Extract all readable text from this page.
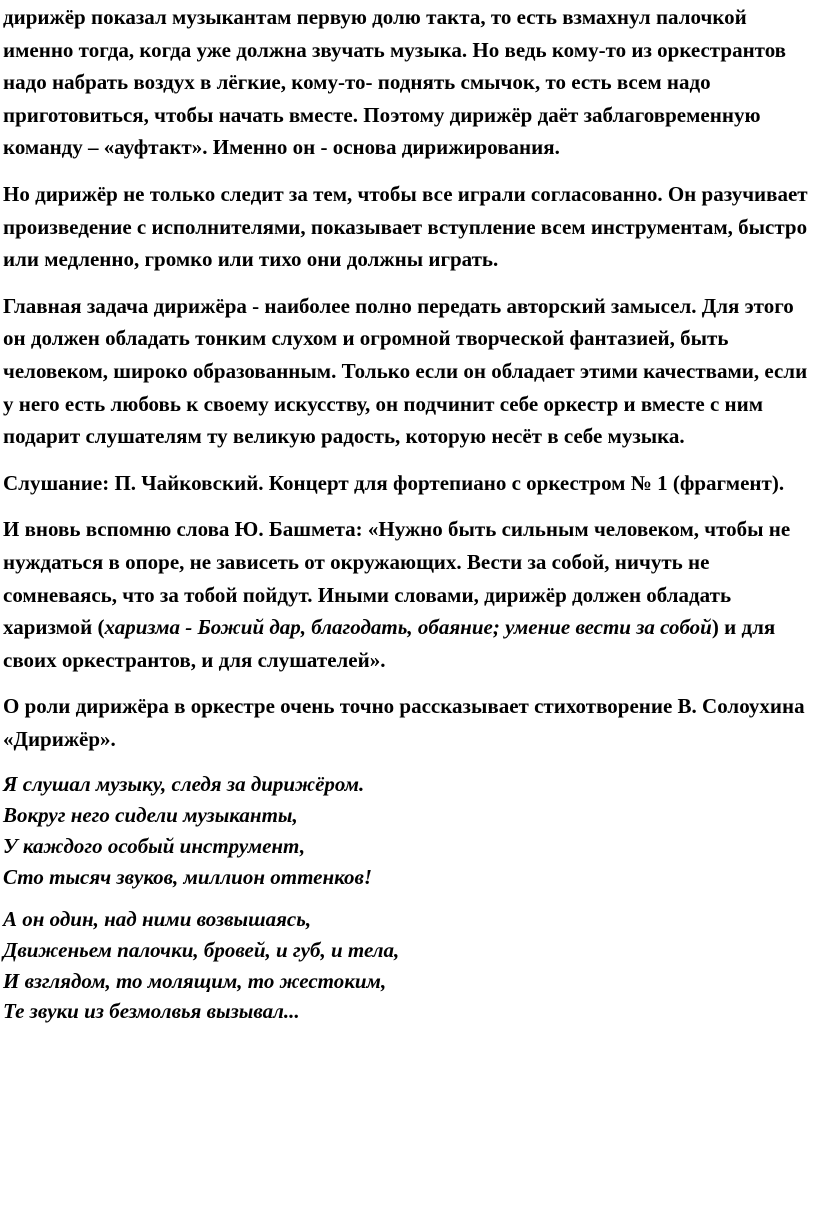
дирижёр показал музыкантам первую долю такта, то есть взмахнул палочкой именно тогда, когда уже должна звучать музыка. Но ведь кому-то из оркестрантов надо набрать воздух в лёгкие, кому-то- поднять смычок, то есть всем надо приготовиться, чтобы начать вместе. Поэтому дирижёр даёт заблаговременную команду – «ауфтакт». Именно он - основа дирижирования.

Но дирижёр не только следит за тем, чтобы все играли согласованно. Он разучивает произведение с исполнителями, показывает вступление всем инструментам, быстро или медленно, громко или тихо они должны играть.

Главная задача дирижёра - наиболее полно передать авторский замысел. Для этого он должен обладать тонким слухом и огромной творческой фантазией, быть человеком, широко образованным. Только если он обладает этими качествами, если у него есть любовь к своему искусству, он подчинит себе оркестр и вместе с ним подарит слушателям ту великую радость, которую несёт в себе музыка.

Слушание: П. Чайковский. Концерт для фортепиано с оркестром № 1 (фрагмент).

И вновь вспомню слова Ю. Башмета: «Нужно быть сильным человеком, чтобы не нуждаться в опоре, не зависеть от окружающих. Вести за собой, ничуть не сомневаясь, что за тобой пойдут. Иными словами, дирижёр должен обладать харизмой (харизма - Божий дар, благодать, обаяние; умение вести за собой) и для своих оркестрантов, и для слушателей».

О роли дирижёра в оркестре очень точно рассказывает стихотворение В. Солоухина «Дирижёр».

Я слушал музыку, следя за дирижёром.
Вокруг него сидели музыканты,
У каждого особый инструмент,
Сто тысяч звуков, миллион оттенков!
А он один, над ними возвышаясь,
Движеньем палочки, бровей, и губ, и тела,
И взглядом, то молящим, то жестоким,
Те звуки из безмолвья вызывал...
